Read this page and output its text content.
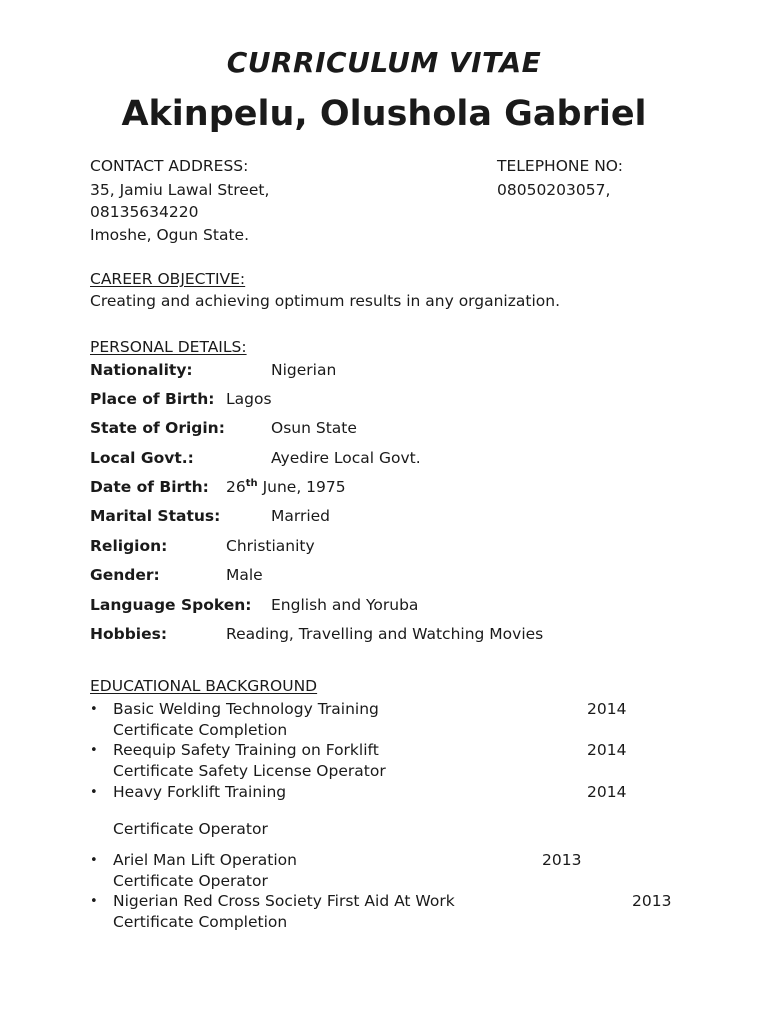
CURRICULUM VITAE
Akinpelu, Olushola Gabriel
CONTACT ADDRESS:
35, Jamiu Lawal Street,
08135634220
Imoshe, Ogun State.
TELEPHONE NO:
08050203057,
CAREER OBJECTIVE:
Creating and achieving optimum results in any organization.
PERSONAL DETAILS:
Nationality:	Nigerian
Place of Birth: Lagos
State of Origin:	Osun State
Local Govt.:	Ayedire Local Govt.
Date of Birth: 26th June, 1975
Marital Status:	Married
Religion:	Christianity
Gender:	Male
Language Spoken: English and Yoruba
Hobbies:	Reading, Travelling and Watching Movies
EDUCATIONAL BACKGROUND
• Basic Welding Technology Training	2014
Certificate Completion
• Reequip Safety Training on Forklift	2014
Certificate Safety License Operator
• Heavy Forklift Training	2014
Certificate Operator
• Ariel Man Lift Operation	2013
Certificate Operator
• Nigerian Red Cross Society First Aid At Work	2013
Certificate Completion
